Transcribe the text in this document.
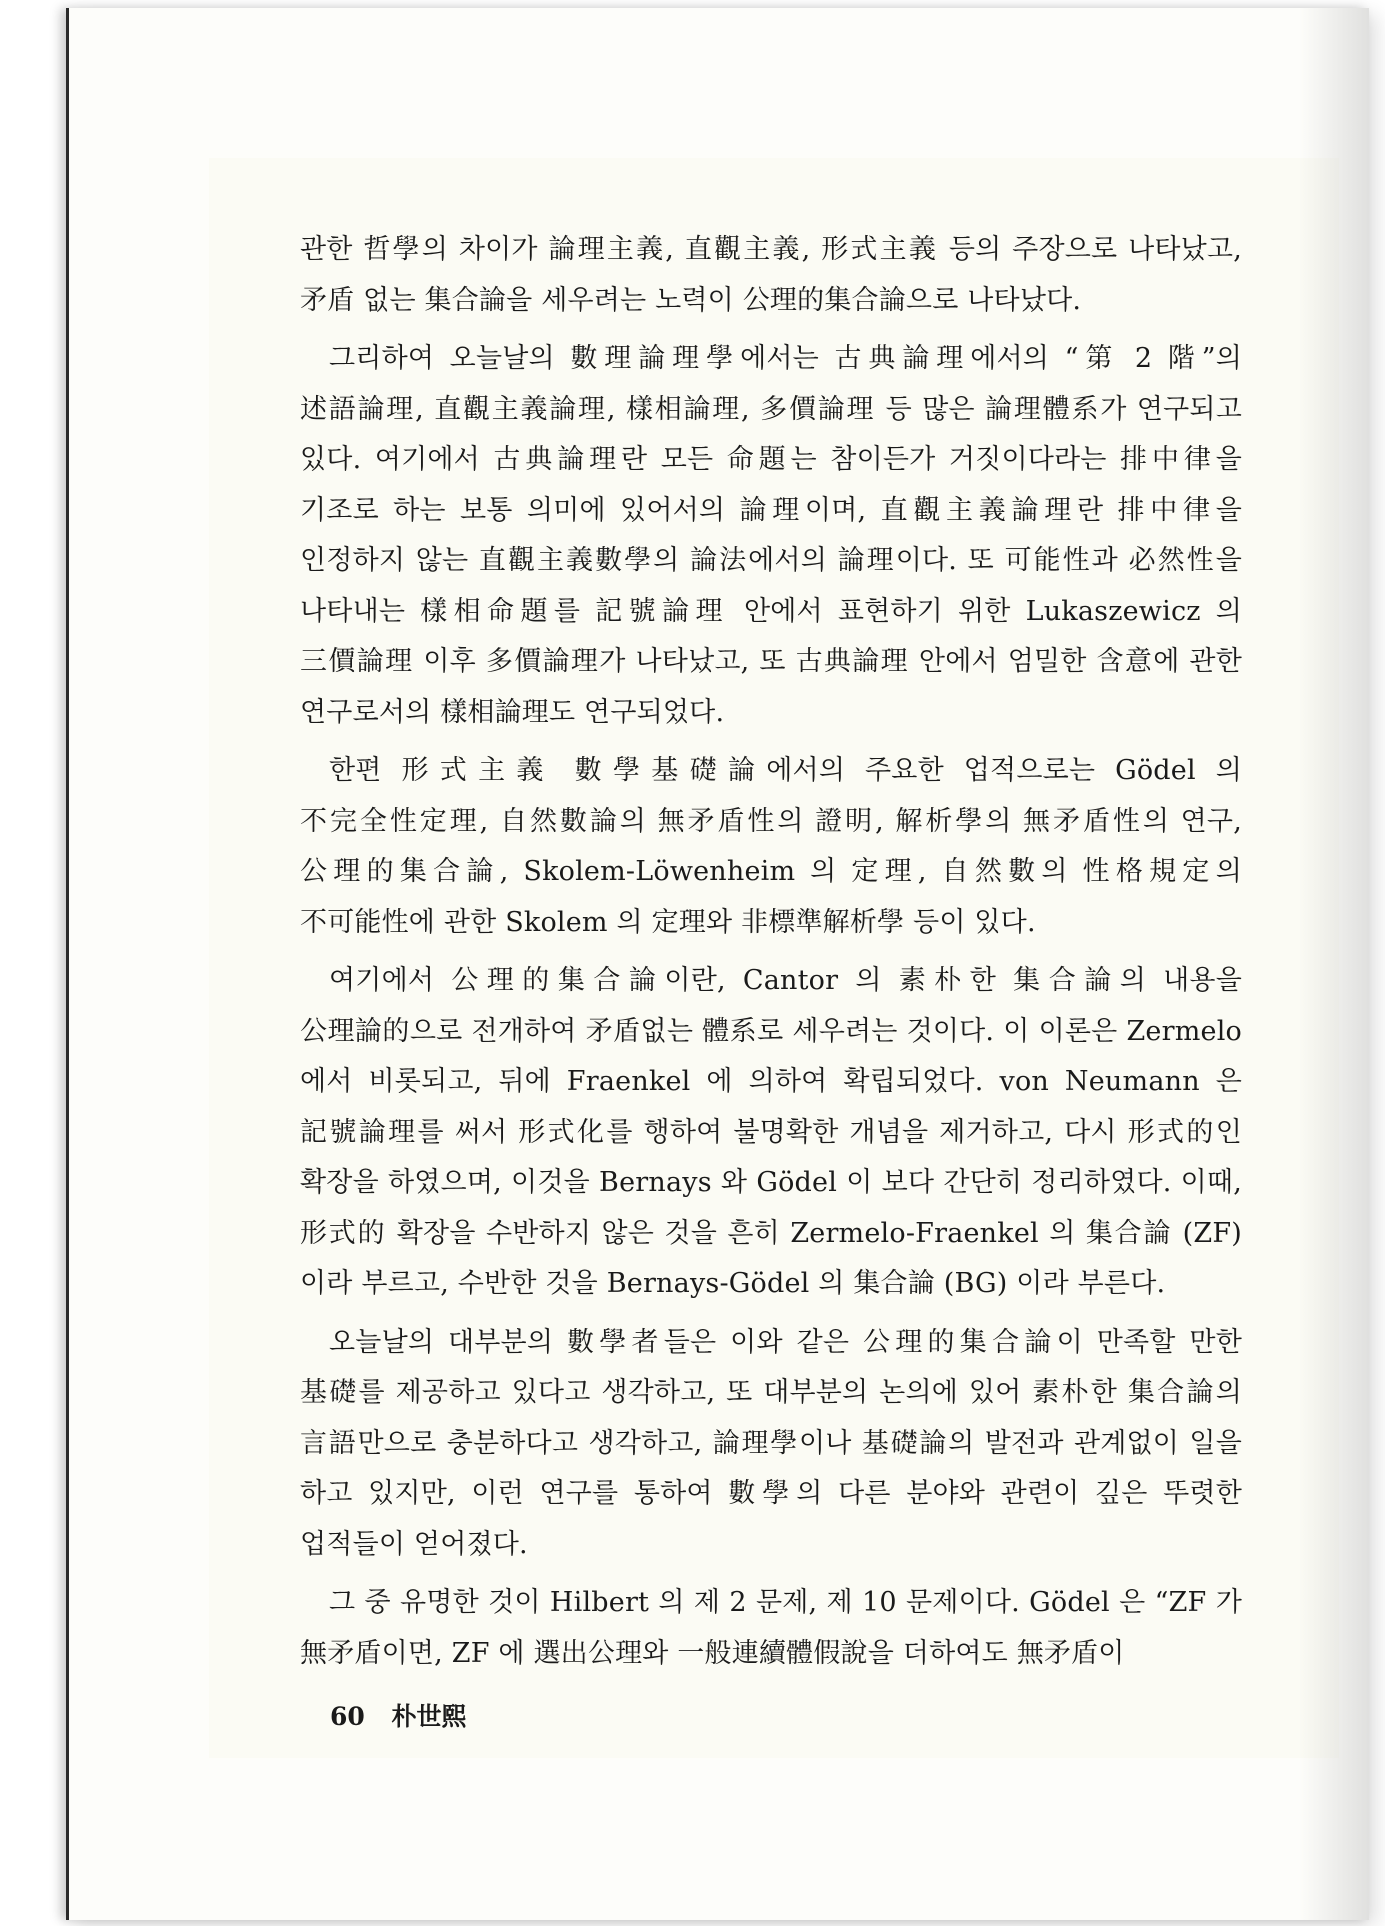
관한 哲學의 차이가 論理主義, 直觀主義, 形式主義 등의 주장으로 나타났고, 矛盾 없는 集合論을 세우려는 노력이 公理的集合論으로 나타났다.

그리하여 오늘날의 數理論理學에서는 古典論理에서의 “第 2 階”의 述語論理, 直觀主義論理, 樣相論理, 多價論理 등 많은 論理體系가 연구되고 있다. 여기에서 古典論理란 모든 命題는 참이든가 거짓이다라는 排中律을 기조로 하는 보통 의미에 있어서의 論理이며, 直觀主義論理란 排中律을 인정하지 않는 直觀主義數學의 論法에서의 論理이다. 또 可能性과 必然性을 나타내는 樣相命題를 記號論理 안에서 표현하기 위한 Lukaszewicz 의 三價論理 이후 多價論理가 나타났고, 또 古典論理 안에서 엄밀한 含意에 관한 연구로서의 樣相論理도 연구되었다.

한편 形式主義 數學基礎論에서의 주요한 업적으로는 Gödel 의 不完全性定理, 自然數論의 無矛盾性의 證明, 解析學의 無矛盾性의 연구, 公理的集合論, Skolem-Löwenheim 의 定理, 自然數의 性格規定의 不可能性에 관한 Skolem 의 定理와 非標準解析學 등이 있다.

여기에서 公理的集合論이란, Cantor 의 素朴한 集合論의 내용을 公理論的으로 전개하여 矛盾없는 體系로 세우려는 것이다. 이 이론은 Zermelo 에서 비롯되고, 뒤에 Fraenkel 에 의하여 확립되었다. von Neumann 은 記號論理를 써서 形式化를 행하여 불명확한 개념을 제거하고, 다시 形式的인 확장을 하였으며, 이것을 Bernays 와 Gödel 이 보다 간단히 정리하였다. 이때, 形式的 확장을 수반하지 않은 것을 흔히 Zermelo-Fraenkel 의 集合論 (ZF) 이라 부르고, 수반한 것을 Bernays-Gödel 의 集合論 (BG) 이라 부른다.

오늘날의 대부분의 數學者들은 이와 같은 公理的集合論이 만족할 만한 基礎를 제공하고 있다고 생각하고, 또 대부분의 논의에 있어 素朴한 集合論의 言語만으로 충분하다고 생각하고, 論理學이나 基礎論의 발전과 관계없이 일을 하고 있지만, 이런 연구를 통하여 數學의 다른 분야와 관련이 깊은 뚜렷한 업적들이 얻어졌다.

그 중 유명한 것이 Hilbert 의 제 2 문제, 제 10 문제이다. Gödel 은 “ZF 가 無矛盾이면, ZF 에 選出公理와 一般連續體假說을 더하여도 無矛盾이

60 朴世熙
